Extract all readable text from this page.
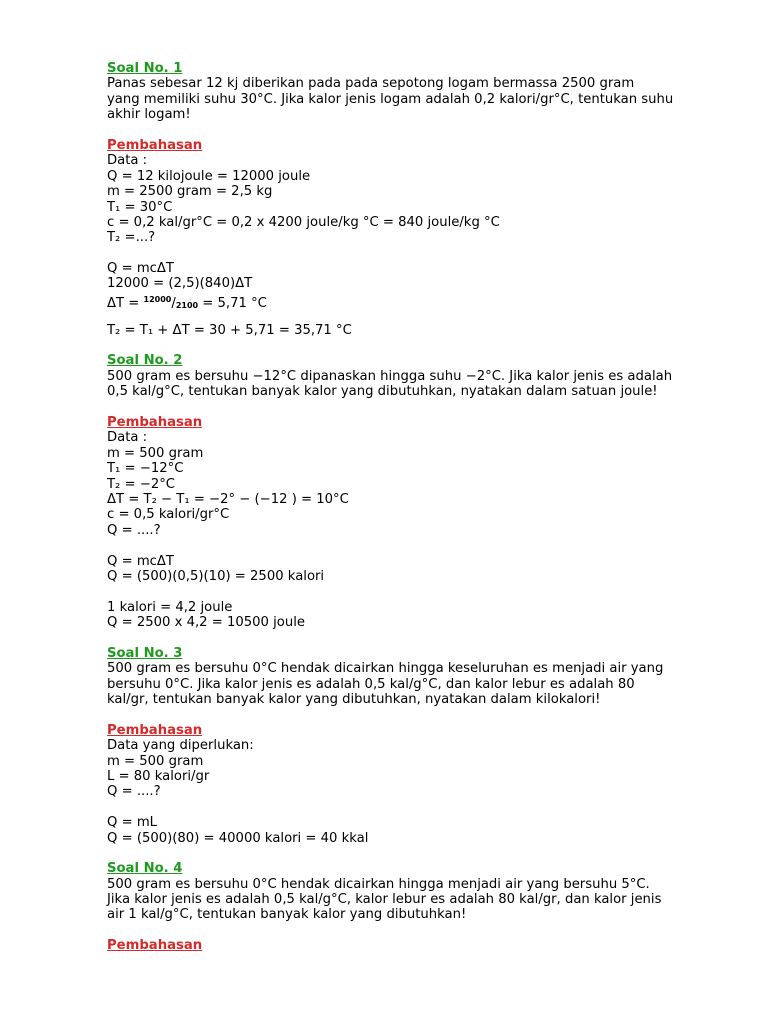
Soal No. 1
Panas sebesar 12 kj diberikan pada pada sepotong logam bermassa 2500 gram
yang memiliki suhu 30°C. Jika kalor jenis logam adalah 0,2 kalori/gr°C, tentukan suhu
akhir logam!
Pembahasan
Data :
Q = 12 kilojoule = 12000 joule
m = 2500 gram = 2,5 kg
T₁ = 30°C
c = 0,2 kal/gr°C = 0,2 x 4200 joule/kg °C = 840 joule/kg °C
T₂ =...?
Q = mcΔT
12000 = (2,5)(840)ΔT
ΔT = $^{12000}$/2100 = 5,71 °C
T₂ = T₁ + ΔT = 30 + 5,71 = 35,71 °C
Soal No. 2
500 gram es bersuhu −12°C dipanaskan hingga suhu −2°C. Jika kalor jenis es adalah
0,5 kal/g°C, tentukan banyak kalor yang dibutuhkan, nyatakan dalam satuan joule!
Pembahasan
Data :
m = 500 gram
T₁ = −12°C
T₂ = −2°C
ΔT = T₂ − T₁ = −2° − (−12 ) = 10°C
c = 0,5 kalori/gr°C
Q = ....?
Q = mcΔT
Q = (500)(0,5)(10) = 2500 kalori
1 kalori = 4,2 joule
Q = 2500 x 4,2 = 10500 joule
Soal No. 3
500 gram es bersuhu 0°C hendak dicairkan hingga keseluruhan es menjadi air yang
bersuhu 0°C. Jika kalor jenis es adalah 0,5 kal/g°C, dan kalor lebur es adalah 80
kal/gr, tentukan banyak kalor yang dibutuhkan, nyatakan dalam kilokalori!
Pembahasan
Data yang diperlukan:
m = 500 gram
L = 80 kalori/gr
Q = ....?
Q = mL
Q = (500)(80) = 40000 kalori = 40 kkal
Soal No. 4
500 gram es bersuhu 0°C hendak dicairkan hingga menjadi air yang bersuhu 5°C.
Jika kalor jenis es adalah 0,5 kal/g°C, kalor lebur es adalah 80 kal/gr, dan kalor jenis
air 1 kal/g°C, tentukan banyak kalor yang dibutuhkan!
Pembahasan
